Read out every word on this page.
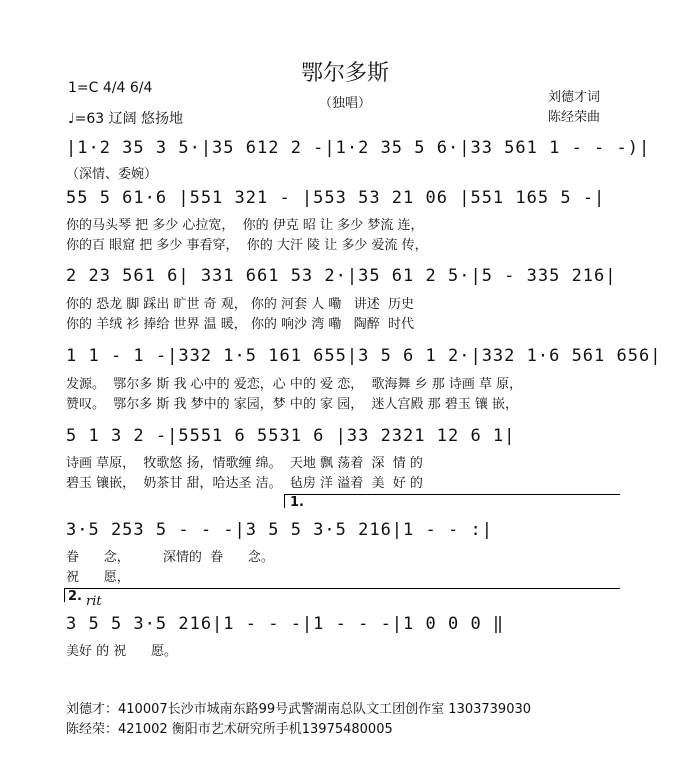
鄂尔多斯
（独唱）
1=C 4/4 6/4
♩=63 辽阔 悠扬地
刘德才词
陈经荣曲
|1·2 35 3 5·|35 612 2 -|1·2 35 5 6·|33 561 1 - - -)|
（深情、委婉）
55 5 61·6 |551 321 - |553 53 21 06 |551 165 5 -|
你的马头琴 把 多少 心拉宽，  你的 伊克 昭 让 多少 梦流 连，
你的百 眼窟 把 多少 事看穿，  你的 大汗 陵 让 多少 爱流 传，
2 23 561 6| 331 661 53 2·|35 61 2 5·|5 - 335 216|
你的 恐龙 脚 踩出 旷世 奇 观， 你的 河套 人 嘞   讲述  历史
你的 羊绒 衫 捧给 世界 温 暖， 你的 响沙 湾 嘞   陶醉  时代
1 1 - 1 -|332 1·5 161 655|3 5 6 1 2·|332 1·6 561 656|
发源。  鄂尔多 斯 我 心中的 爱恋，心 中的 爱 恋，  歌海舞 乡 那 诗画 草 原，
赞叹。  鄂尔多 斯 我 梦中的 家园，梦 中的 家 园，  迷人宫殿 那 碧玉 镶 嵌，
5 1 3 2 -|5551 6 5531 6 |33 2321 12 6 1|
诗画 草原，  牧歌悠 扬，情歌缠 绵。  天地 飘 荡着  深  情 的
碧玉 镶嵌，  奶茶甘 甜，哈达圣 洁。  毡房 洋 溢着  美  好 的
1.
3·5 253 5 - - -|3 5 5 3·5 216|1 - - :|
眷      念，        深情的  眷      念。
祝      愿，
2. rit
3 5 5 3·5 216|1 - - -|1 - - -|1 0 0 0 ‖
美好 的 祝      愿。
刘德才：410007长沙市城南东路99号武警湖南总队文工团创作室 1303739030
陈经荣：421002 衡阳市艺术研究所手机13975480005
